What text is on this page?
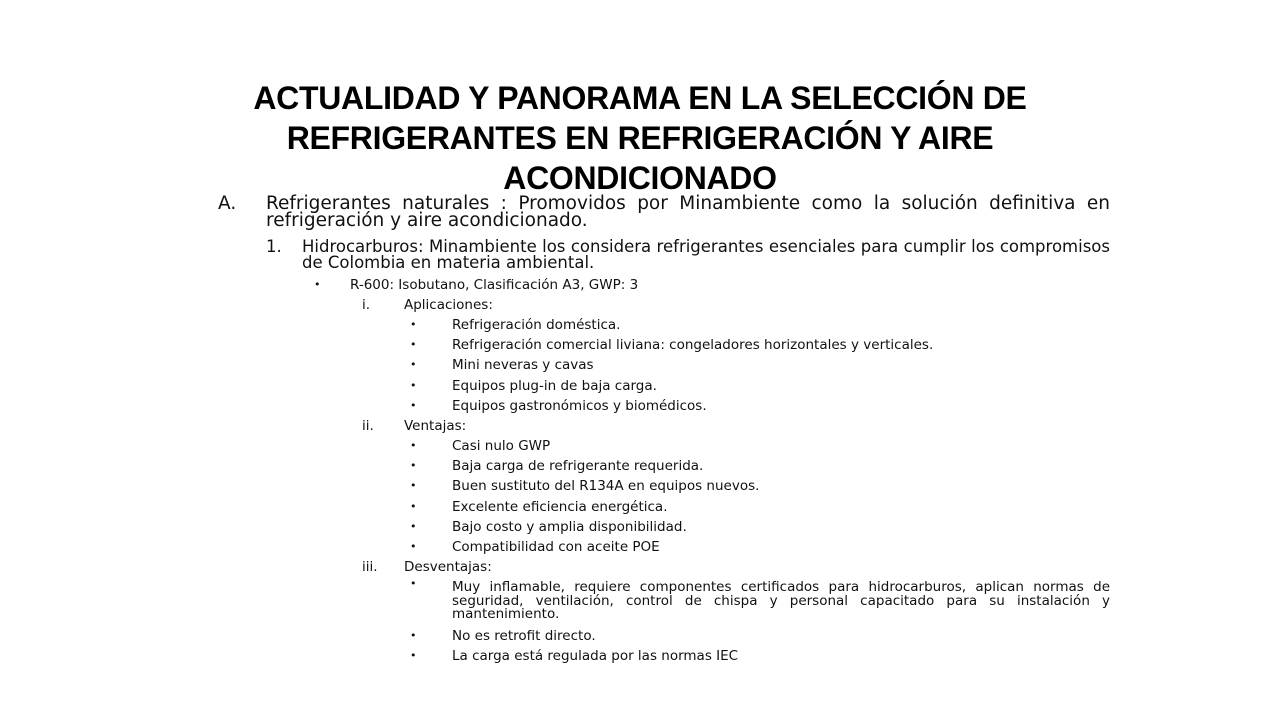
ACTUALIDAD Y PANORAMA EN LA SELECCIÓN DE REFRIGERANTES EN REFRIGERACIÓN Y AIRE ACONDICIONADO
A. Refrigerantes naturales : Promovidos por Minambiente como la solución definitiva en refrigeración y aire acondicionado.
1. Hidrocarburos: Minambiente los considera refrigerantes esenciales para cumplir los compromisos de Colombia en materia ambiental.
• R-600: Isobutano, Clasificación A3, GWP: 3
i.	Aplicaciones:
•	Refrigeración doméstica.
•	Refrigeración comercial liviana: congeladores horizontales y verticales.
•	Mini neveras y cavas
•	Equipos plug-in de baja carga.
•	Equipos gastronómicos y biomédicos.
ii. Ventajas:
•	Casi nulo GWP
•	Baja carga de refrigerante requerida.
•	Buen sustituto del R134A en equipos nuevos.
•	Excelente eficiencia energética.
•	Bajo costo y amplia disponibilidad.
•	Compatibilidad con aceite POE
iii. Desventajas:
•	Muy inflamable, requiere componentes certificados para hidrocarburos, aplican normas de seguridad, ventilación, control de chispa y personal capacitado para su instalación y mantenimiento.
•	No es retrofit directo.
•	La carga está regulada por las normas IEC
